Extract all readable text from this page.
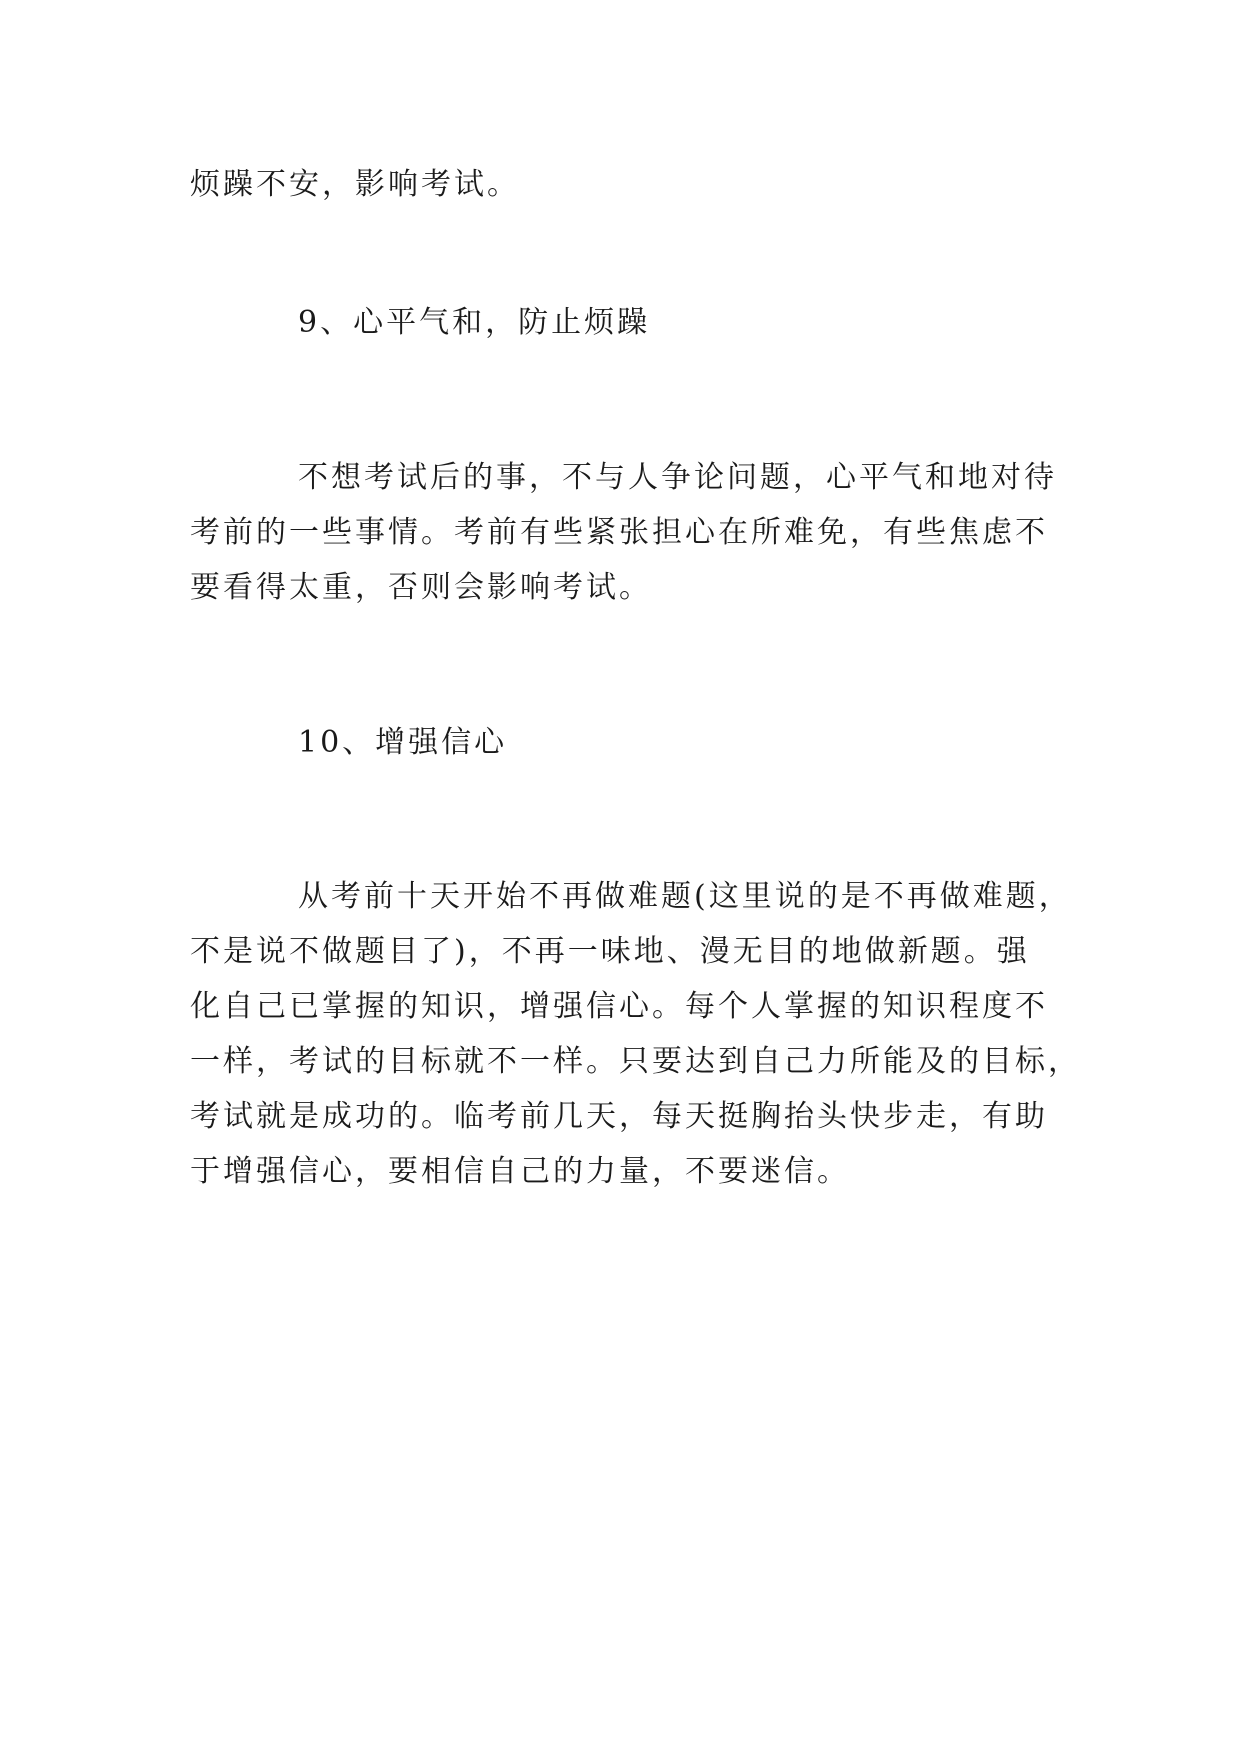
烦躁不安，影响考试。
9、心平气和，防止烦躁
不想考试后的事，不与人争论问题，心平气和地对待
考前的一些事情。考前有些紧张担心在所难免，有些焦虑不
要看得太重，否则会影响考试。
10、增强信心
从考前十天开始不再做难题(这里说的是不再做难题，
不是说不做题目了)，不再一味地、漫无目的地做新题。强
化自己已掌握的知识，增强信心。每个人掌握的知识程度不
一样，考试的目标就不一样。只要达到自己力所能及的目标，
考试就是成功的。临考前几天，每天挺胸抬头快步走，有助
于增强信心，要相信自己的力量，不要迷信。
